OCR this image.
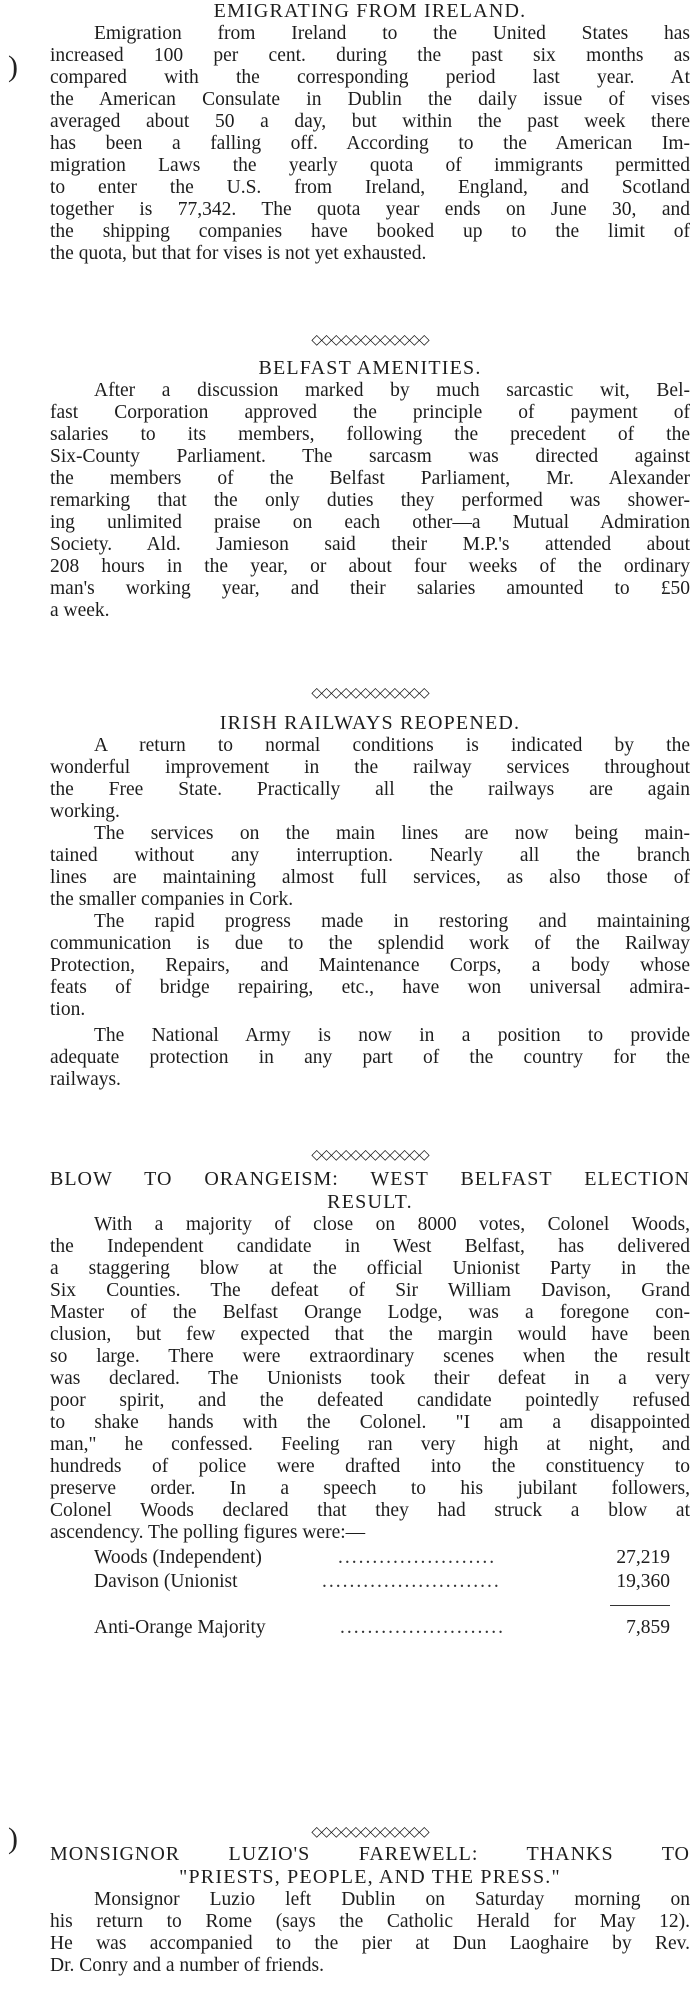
)
)
EMIGRATING FROM IRELAND.
Emigration from Ireland to the United States has
increased 100 per cent. during the past six months as
compared with the corresponding period last year. At
the American Consulate in Dublin the daily issue of vises
averaged about 50 a day, but within the past week there
has been a falling off. According to the American Im-
migration Laws the yearly quota of immigrants permitted
to enter the U.S. from Ireland, England, and Scotland
together is 77,342. The quota year ends on June 30, and
the shipping companies have booked up to the limit of
the quota, but that for vises is not yet exhausted.
◇◇◇◇◇◇◇◇◇◇◇◇
BELFAST AMENITIES.
After a discussion marked by much sarcastic wit, Bel-
fast Corporation approved the principle of payment of
salaries to its members, following the precedent of the
Six-County Parliament. The sarcasm was directed against
the members of the Belfast Parliament, Mr. Alexander
remarking that the only duties they performed was shower-
ing unlimited praise on each other—a Mutual Admiration
Society. Ald. Jamieson said their M.P.'s attended about
208 hours in the year, or about four weeks of the ordinary
man's working year, and their salaries amounted to £50
a week.
◇◇◇◇◇◇◇◇◇◇◇◇
IRISH RAILWAYS REOPENED.
A return to normal conditions is indicated by the
wonderful improvement in the railway services throughout
the Free State. Practically all the railways are again
working.
The services on the main lines are now being main-
tained without any interruption. Nearly all the branch
lines are maintaining almost full services, as also those of
the smaller companies in Cork.
The rapid progress made in restoring and maintaining
communication is due to the splendid work of the Railway
Protection, Repairs, and Maintenance Corps, a body whose
feats of bridge repairing, etc., have won universal admira-
tion.
The National Army is now in a position to provide
adequate protection in any part of the country for the
railways.
◇◇◇◇◇◇◇◇◇◇◇◇
BLOW TO ORANGEISM: WEST BELFAST ELECTION
RESULT.
With a majority of close on 8000 votes, Colonel Woods,
the Independent candidate in West Belfast, has delivered
a staggering blow at the official Unionist Party in the
Six Counties. The defeat of Sir William Davison, Grand
Master of the Belfast Orange Lodge, was a foregone con-
clusion, but few expected that the margin would have been
so large. There were extraordinary scenes when the result
was declared. The Unionists took their defeat in a very
poor spirit, and the defeated candidate pointedly refused
to shake hands with the Colonel. "I am a disappointed
man," he confessed. Feeling ran very high at night, and
hundreds of police were drafted into the constituency to
preserve order. In a speech to his jubilant followers,
Colonel Woods declared that they had struck a blow at
ascendency. The polling figures were:—
Woods (Independent)	.......................	27,219
Davison (Unionist	..........................	19,360
Anti-Orange Majority	........................	7,859
◇◇◇◇◇◇◇◇◇◇◇◇
MONSIGNOR LUZIO'S FAREWELL: THANKS TO
"PRIESTS, PEOPLE, AND THE PRESS."
Monsignor Luzio left Dublin on Saturday morning on
his return to Rome (says the Catholic Herald for May 12).
He was accompanied to the pier at Dun Laoghaire by Rev.
Dr. Conry and a number of friends.
